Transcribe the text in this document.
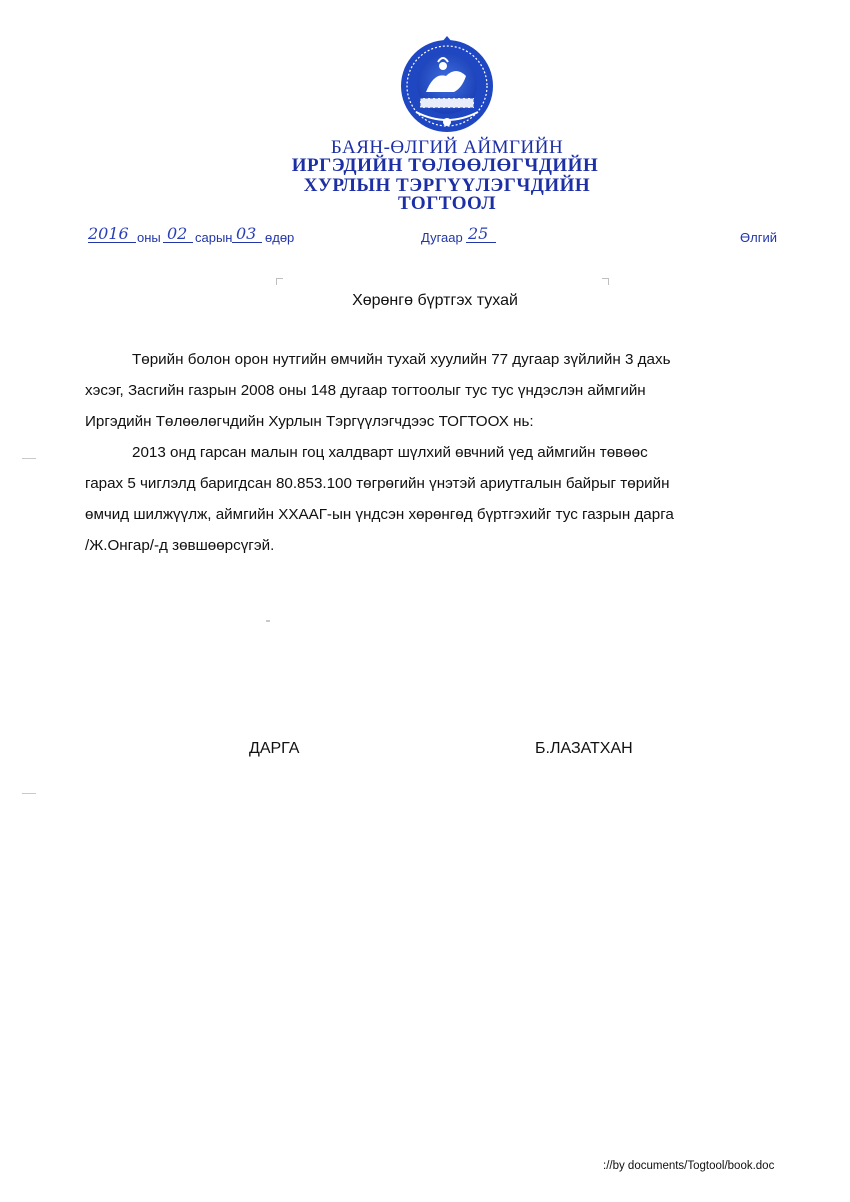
БАЯН-ӨЛГИЙ АЙМГИЙН
ИРГЭДИЙН ТӨЛӨӨЛӨГЧДИЙН
ХУРЛЫН ТЭРГҮҮЛЭГЧДИЙН
ТОГТООЛ
2016 оны 02 сарын 03 өдөр	Дугаар 25	Өлгий
Хөрөнгө бүртгэх тухай
Төрийн болон орон нутгийн өмчийн тухай хуулийн 77 дугаар зүйлийн 3 дахь
хэсэг, Засгийн газрын 2008 оны 148 дугаар тогтоолыг тус тус үндэслэн аймгийн
Иргэдийн Төлөөлөгчдийн Хурлын Тэргүүлэгчдээс ТОГТООХ нь:
2013 онд гарсан малын гоц халдварт шүлхий өвчний үед аймгийн төвөөс
гарах 5 чиглэлд баригдсан 80.853.100 төгрөгийн үнэтэй ариутгалын байрыг төрийн
өмчид шилжүүлж, аймгийн ХХААГ-ын үндсэн хөрөнгөд бүртгэхийг тус газрын дарга
/Ж.Онгар/-д зөвшөөрсүгэй.
ДАРГА	Б.ЛАЗАТХАН
://by documents/Togtool/book.doc
